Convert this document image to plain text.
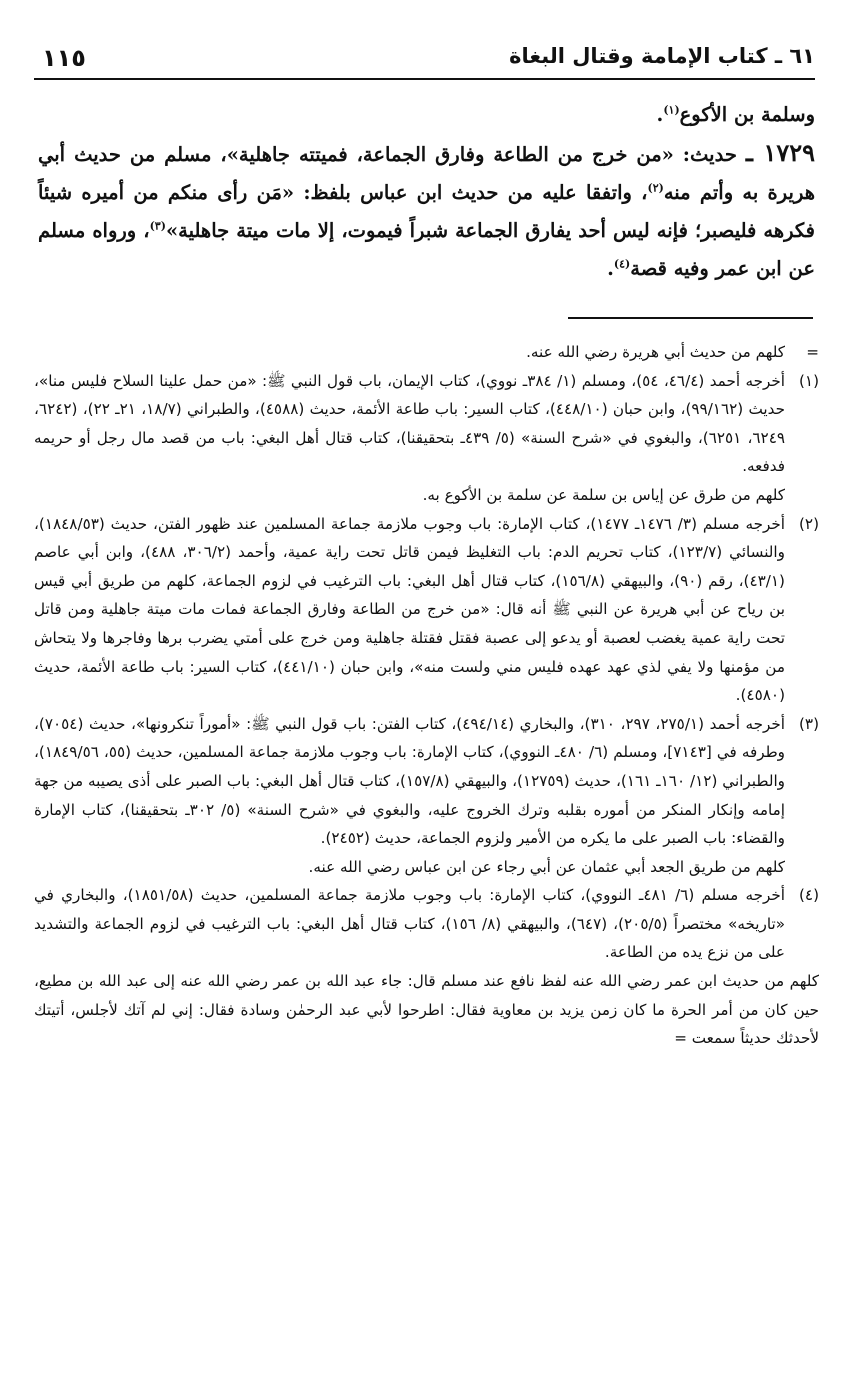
١١٥	٦١ ـ كتاب الإمامة وقتال البغاة

وسلمة بن الأكوع$^{(١)}$.

١٧٢٩ ـ حديث: «من خرج من الطاعة وفارق الجماعة، فميتته جاهلية»، مسلم من حديث أبي هريرة به وأتم منه$^{(٢)}$، واتفقا عليه من حديث ابن عباس بلفظ: «مَن رأى منكم من أميره شيئاً فكرهه فليصبر؛ فإنه ليس أحد يفارق الجماعة شبراً فيموت، إلا مات ميتة جاهلية»$^{(٣)}$، ورواه مسلم عن ابن عمر وفيه قصة$^{(٤)}$.

=
كلهم من حديث أبي هريرة رضي الله عنه.

(١)
أخرجه أحمد (٤٦/٤، ٥٤)، ومسلم (١/ ٣٨٤ـ نووي)، كتاب الإيمان، باب قول النبي ﷺ: «من حمل علينا السلاح فليس منا»، حديث (٩٩/١٦٢)، وابن حبان (٤٤٨/١٠)، كتاب السير: باب طاعة الأئمة، حديث (٤٥٨٨)، والطبراني (١٨/٧، ٢١ـ ٢٢)، (٦٢٤٢، ٦٢٤٩، ٦٢٥١)، والبغوي في «شرح السنة» (٥/ ٤٣٩ـ بتحقيقنا)، كتاب قتال أهل البغي: باب من قصد مال رجل أو حريمه فدفعه.

كلهم من طرق عن إياس بن سلمة عن سلمة بن الأكوع به.

(٢)
أخرجه مسلم (٣/ ١٤٧٦ـ ١٤٧٧)، كتاب الإمارة: باب وجوب ملازمة جماعة المسلمين عند ظهور الفتن، حديث (١٨٤٨/٥٣)، والنسائي (١٢٣/٧)، كتاب تحريم الدم: باب التغليظ فيمن قاتل تحت راية عمية، وأحمد (٣٠٦/٢، ٤٨٨)، وابن أبي عاصم (٤٣/١)، رقم (٩٠)، والبيهقي (١٥٦/٨)، كتاب قتال أهل البغي: باب الترغيب في لزوم الجماعة، كلهم من طريق أبي قيس بن رياح عن أبي هريرة عن النبي ﷺ أنه قال: «من خرج من الطاعة وفارق الجماعة فمات مات ميتة جاهلية ومن قاتل تحت راية عمية يغضب لعصبة أو يدعو إلى عصبة فقتل فقتلة جاهلية ومن خرج على أمتي يضرب برها وفاجرها ولا يتحاش من مؤمنها ولا يفي لذي عهد عهده فليس مني ولست منه»، وابن حبان (٤٤١/١٠)، كتاب السير: باب طاعة الأئمة، حديث (٤٥٨٠).

(٣)
أخرجه أحمد (٢٧٥/١، ٢٩٧، ٣١٠)، والبخاري (٤٩٤/١٤)، كتاب الفتن: باب قول النبي ﷺ: «أموراً تنكرونها»، حديث (٧٠٥٤)، وطرفه في [٧١٤٣]، ومسلم (٦/ ٤٨٠ـ النووي)، كتاب الإمارة: باب وجوب ملازمة جماعة المسلمين، حديث (٥٥، ١٨٤٩/٥٦)، والطبراني (١٢/ ١٦٠ـ ١٦١)، حديث (١٢٧٥٩)، والبيهقي (١٥٧/٨)، كتاب قتال أهل البغي: باب الصبر على أذى يصيبه من جهة إمامه وإنكار المنكر من أموره بقلبه وترك الخروج عليه، والبغوي في «شرح السنة» (٥/ ٣٠٢ـ بتحقيقنا)، كتاب الإمارة والقضاء: باب الصبر على ما يكره من الأمير ولزوم الجماعة، حديث (٢٤٥٢).

كلهم من طريق الجعد أبي عثمان عن أبي رجاء عن ابن عباس رضي الله عنه.

(٤)
أخرجه مسلم (٦/ ٤٨١ـ النووي)، كتاب الإمارة: باب وجوب ملازمة جماعة المسلمين، حديث (١٨٥١/٥٨)، والبخاري في «تاريخه» مختصراً (٢٠٥/٥)، (٦٤٧)، والبيهقي (٨/ ١٥٦)، كتاب قتال أهل البغي: باب الترغيب في لزوم الجماعة والتشديد على من نزع يده من الطاعة.

كلهم من حديث ابن عمر رضي الله عنه لفظ نافع عند مسلم قال: جاء عبد الله بن عمر رضي الله عنه إلى عبد الله بن مطيع، حين كان من أمر الحرة ما كان زمن يزيد بن معاوية فقال: اطرحوا لأبي عبد الرحمٰن وسادة فقال: إني لم آتك لأجلس، أتيتك لأحدثك حديثاً سمعت =
